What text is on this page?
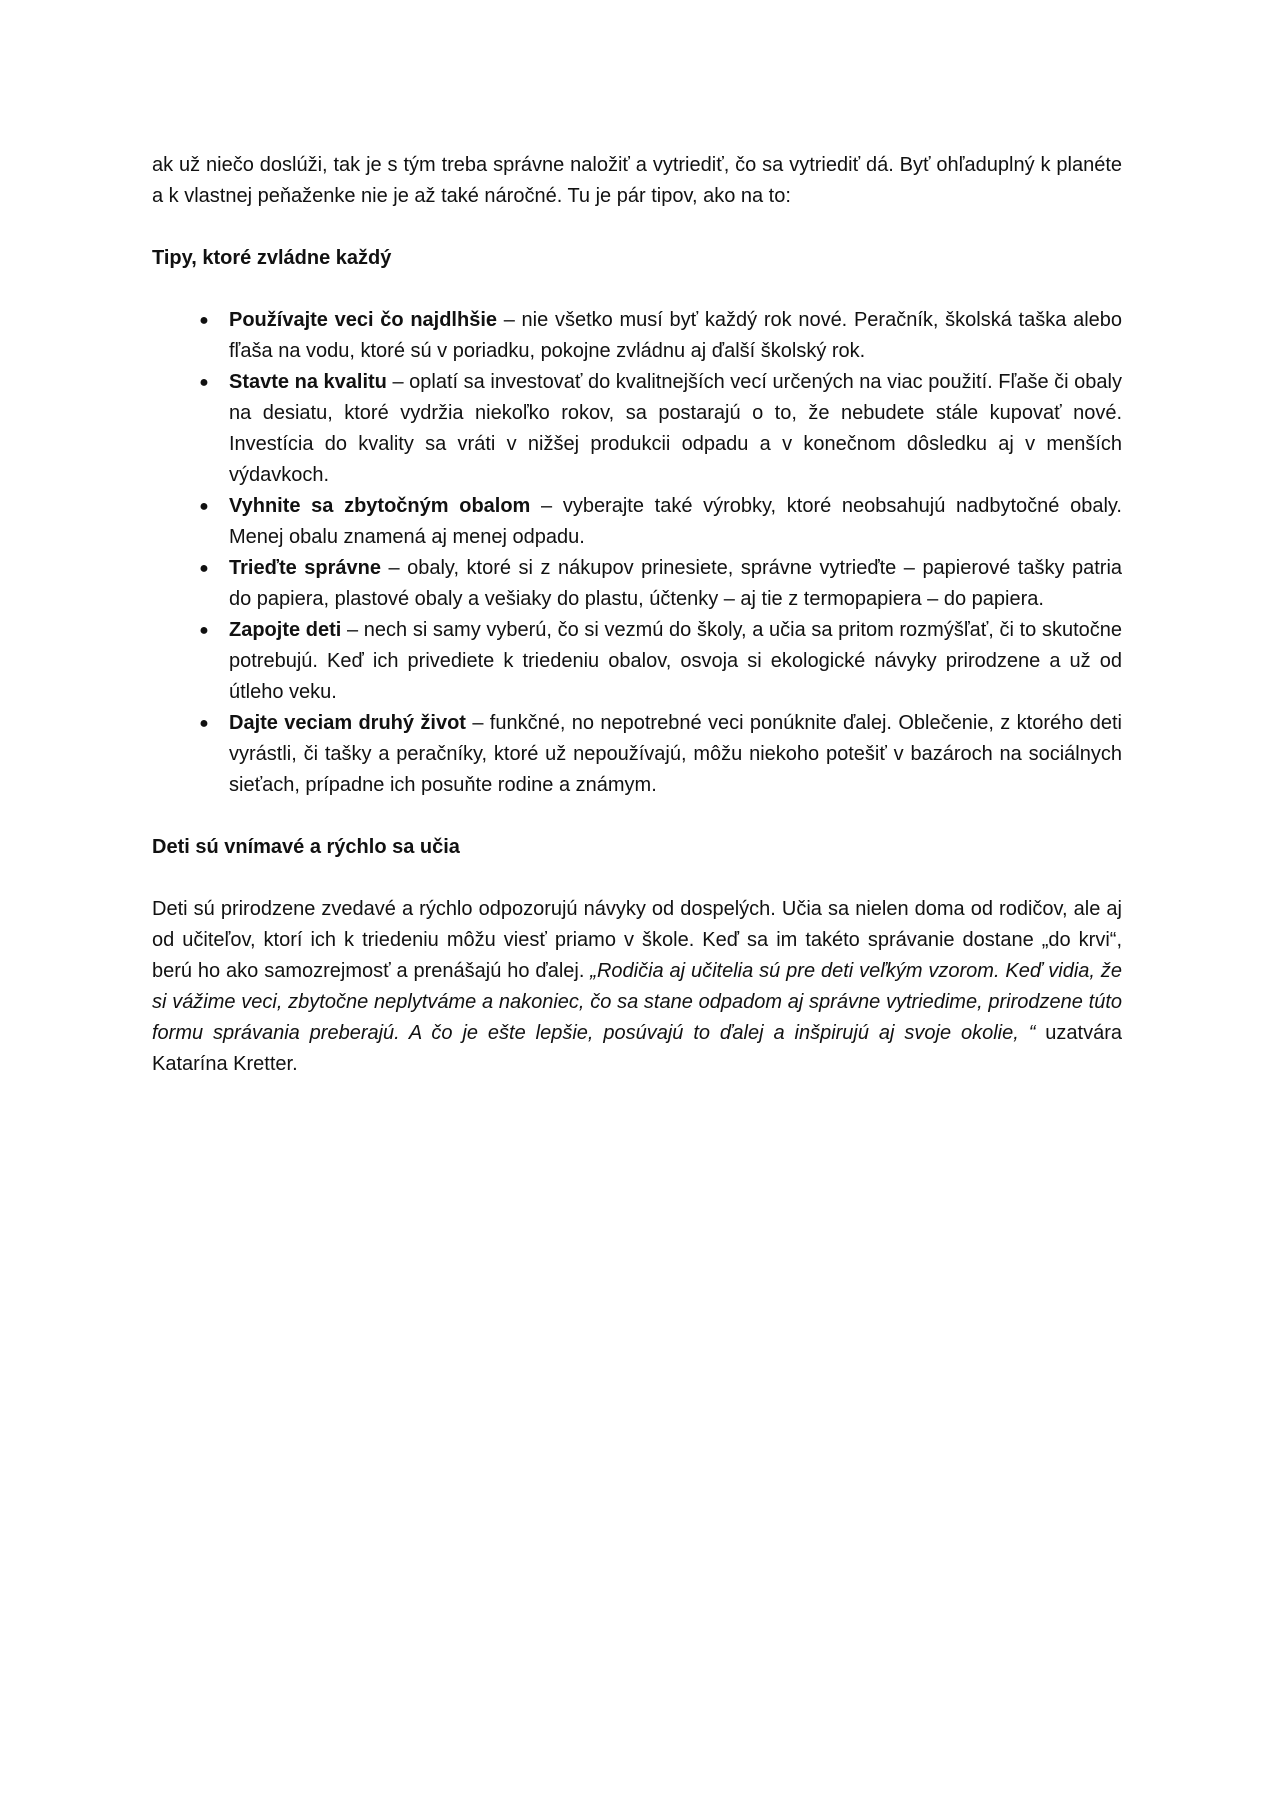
ak už niečo doslúži, tak je s tým treba správne naložiť a vytriediť, čo sa vytriediť dá. Byť ohľaduplný k planéte a k vlastnej peňaženke nie je až také náročné. Tu je pár tipov, ako na to:

Tipy, ktoré zvládne každý
● Používajte veci čo najdlhšie – nie všetko musí byť každý rok nové. Peračník, školská taška alebo fľaša na vodu, ktoré sú v poriadku, pokojne zvládnu aj ďalší školský rok.
● Stavte na kvalitu – oplatí sa investovať do kvalitnejších vecí určených na viac použití. Fľaše či obaly na desiatu, ktoré vydržia niekoľko rokov, sa postarajú o to, že nebudete stále kupovať nové. Investícia do kvality sa vráti v nižšej produkcii odpadu a v konečnom dôsledku aj v menších výdavkoch.
● Vyhnite sa zbytočným obalom – vyberajte také výrobky, ktoré neobsahujú nadbytočné obaly. Menej obalu znamená aj menej odpadu.
● Trieďte správne – obaly, ktoré si z nákupov prinesiete, správne vytrieďte – papierové tašky patria do papiera, plastové obaly a vešiaky do plastu, účtenky – aj tie z termopapiera – do papiera.
● Zapojte deti – nech si samy vyberú, čo si vezmú do školy, a učia sa pritom rozmýšľať, či to skutočne potrebujú. Keď ich privediete k triedeniu obalov, osvoja si ekologické návyky prirodzene a už od útleho veku.
● Dajte veciam druhý život – funkčné, no nepotrebné veci ponúknite ďalej. Oblečenie, z ktorého deti vyrástli, či tašky a peračníky, ktoré už nepoužívajú, môžu niekoho potešiť v bazároch na sociálnych sieťach, prípadne ich posuňte rodine a známym.
Deti sú vnímavé a rýchlo sa učia

Deti sú prirodzene zvedavé a rýchlo odpozorujú návyky od dospelých. Učia sa nielen doma od rodičov, ale aj od učiteľov, ktorí ich k triedeniu môžu viesť priamo v škole. Keď sa im takéto správanie dostane „do krvi“, berú ho ako samozrejmosť a prenášajú ho ďalej. „Rodičia aj učitelia sú pre deti veľkým vzorom. Keď vidia, že si vážime veci, zbytočne neplytváme a nakoniec, čo sa stane odpadom aj správne vytriedime, prirodzene túto formu správania preberajú. A čo je ešte lepšie, posúvajú to ďalej a inšpirujú aj svoje okolie, “ uzatvára Katarína Kretter.
